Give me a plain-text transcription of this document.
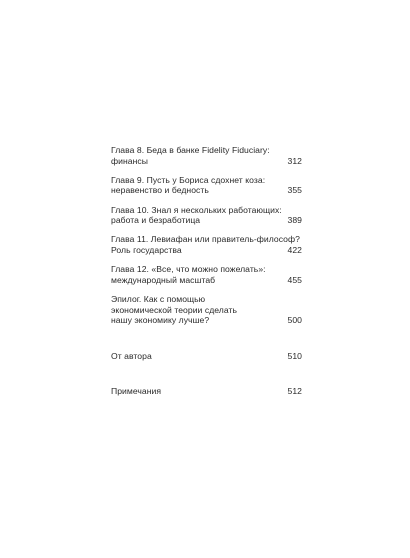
Глава 8. Беда в банке Fidelity Fiduciary:
финансы	312
Глава 9. Пусть у Бориса сдохнет коза:
неравенство и бедность	355
Глава 10. Знал я нескольких работающих:
работа и безработица	389
Глава 11. Левиафан или правитель-философ?
Роль государства	422
Глава 12. «Все, что можно пожелать»:
международный масштаб	455
Эпилог. Как с помощью
экономической теории сделать
нашу экономику лучше?	500
От автора	510
Примечания	512
